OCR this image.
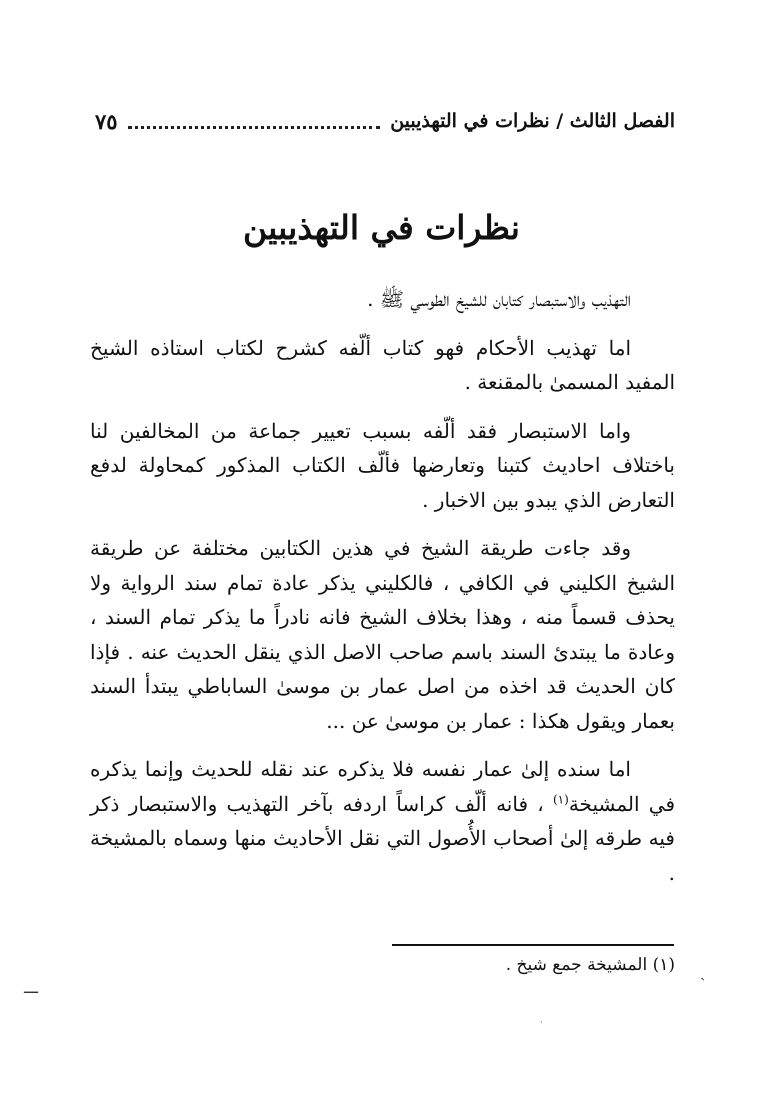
الفصل الثالث / نظرات في التهذيبين
٧٥
نظرات في التهذيبين

التهذيب والاستبصار كتابان للشيخ الطوسي ﷺ .

اما تهذيب الأحكام فهو كتاب ألّفه كشرح لكتاب استاذه الشيخ المفيد المسمىٰ بالمقنعة .

واما الاستبصار فقد ألّفه بسبب تعيير جماعة من المخالفين لنا باختلاف احاديث كتبنا وتعارضها فألّف الكتاب المذكور كمحاولة لدفع التعارض الذي يبدو بين الاخبار .

وقد جاءت طريقة الشيخ في هذين الكتابين مختلفة عن طريقة الشيخ الكليني في الكافي ، فالكليني يذكر عادة تمام سند الرواية ولا يحذف قسماً منه ، وهذا بخلاف الشيخ فانه نادراً ما يذكر تمام السند ، وعادة ما يبتدئ السند باسم صاحب الاصل الذي ينقل الحديث عنه . فإذا كان الحديث قد اخذه من اصل عمار بن موسىٰ الساباطي يبتدأ السند بعمار ويقول هكذا : عمار بن موسىٰ عن ...

اما سنده إلىٰ عمار نفسه فلا يذكره عند نقله للحديث وإنما يذكره في المشيخة$^{(١)}$ ، فانه ألّف كراساً اردفه بآخر التهذيب والاستبصار ذكر فيه طرقه إلىٰ أصحاب الأُصول التي نقل الأحاديث منها وسماه بالمشيخة .

(١) المشيخة جمع شيخ .
ـــ
ˎ
·
